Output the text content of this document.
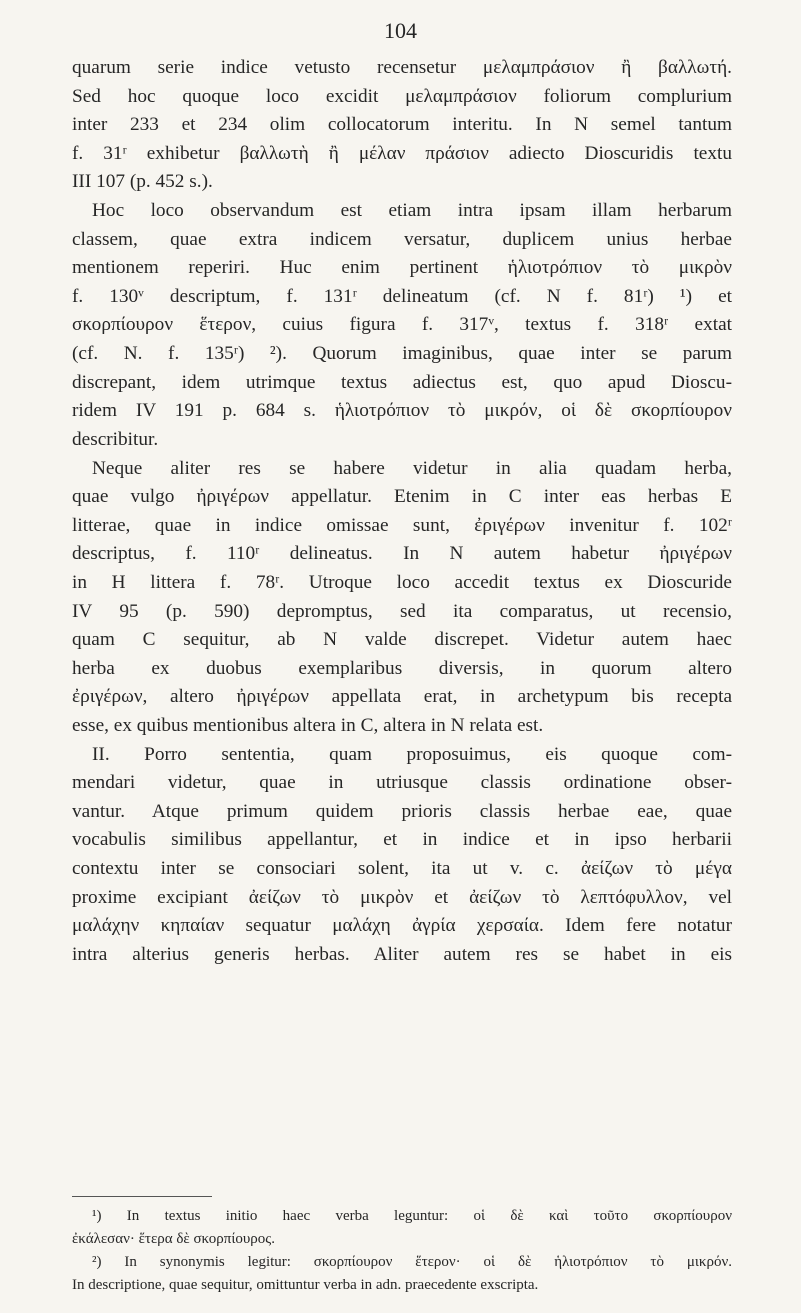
104
quarum serie indice vetusto recensetur μελαμπράσιον ἢ βαλλωτή.
Sed hoc quoque loco excidit μελαμπράσιον foliorum complurium
inter 233 et 234 olim collocatorum interitu. In N semel tantum
f. 31ʳ exhibetur βαλλωτὴ ἢ μέλαν πράσιον adiecto Dioscuridis textu
III 107 (p. 452 s.).
Hoc loco observandum est etiam intra ipsam illam herbarum
classem, quae extra indicem versatur, duplicem unius herbae
mentionem reperiri. Huc enim pertinent ἡλιοτρόπιον τὸ μικρὸν
f. 130ᵛ descriptum, f. 131ʳ delineatum (cf. N f. 81ʳ) ¹) et
σκορπίουρον ἕτερον, cuius figura f. 317ᵛ, textus f. 318ʳ extat
(cf. N. f. 135ʳ) ²). Quorum imaginibus, quae inter se parum
discrepant, idem utrimque textus adiectus est, quo apud Dioscu-
ridem IV 191 p. 684 s. ἡλιοτρόπιον τὸ μικρόν, οἱ δὲ σκορπίουρον
describitur.
Neque aliter res se habere videtur in alia quadam herba,
quae vulgo ἠριγέρων appellatur. Etenim in C inter eas herbas E
litterae, quae in indice omissae sunt, ἐριγέρων invenitur f. 102ʳ
descriptus, f. 110ʳ delineatus. In N autem habetur ἠριγέρων
in H littera f. 78ʳ. Utroque loco accedit textus ex Dioscuride
IV 95 (p. 590) depromptus, sed ita comparatus, ut recensio,
quam C sequitur, ab N valde discrepet. Videtur autem haec
herba ex duobus exemplaribus diversis, in quorum altero
ἐριγέρων, altero ἠριγέρων appellata erat, in archetypum bis recepta
esse, ex quibus mentionibus altera in C, altera in N relata est.
II. Porro sententia, quam proposuimus, eis quoque com-
mendari videtur, quae in utriusque classis ordinatione obser-
vantur. Atque primum quidem prioris classis herbae eae, quae
vocabulis similibus appellantur, et in indice et in ipso herbarii
contextu inter se consociari solent, ita ut v. c. ἀείζων τὸ μέγα
proxime excipiant ἀείζων τὸ μικρὸν et ἀείζων τὸ λεπτόφυλλον, vel
μαλάχην κηπαίαν sequatur μαλάχη ἀγρία χερσαία. Idem fere notatur
intra alterius generis herbas. Aliter autem res se habet in eis
¹) In textus initio haec verba leguntur: οἱ δὲ καὶ τοῦτο σκορπίουρον
ἐκάλεσαν· ἕτερα δὲ σκορπίουρος.
²) In synonymis legitur: σκορπίουρον ἕτερον· οἱ δὲ ἡλιοτρόπιον τὸ μικρόν.
In descriptione, quae sequitur, omittuntur verba in adn. praecedente exscripta.
